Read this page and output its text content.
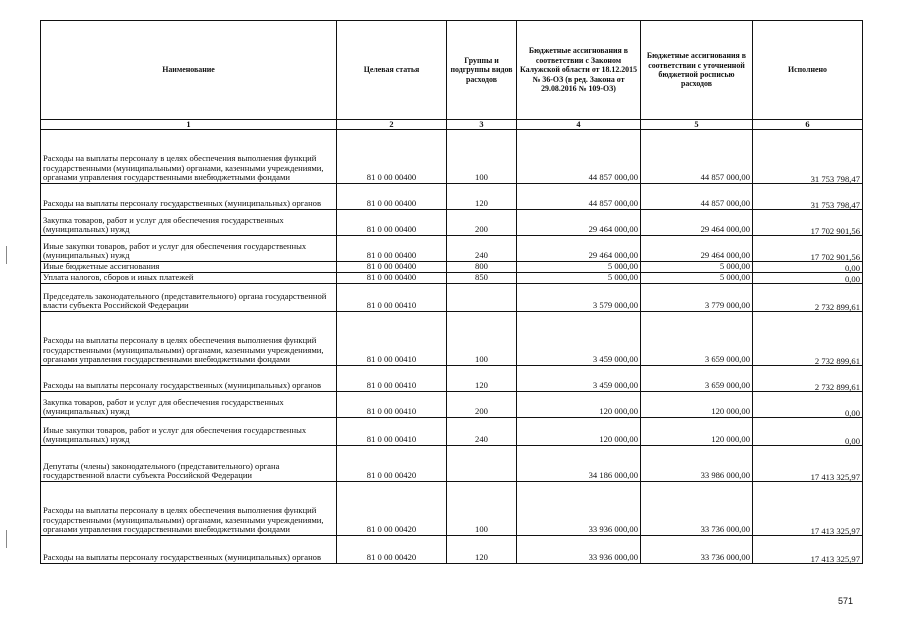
Наименование	Целевая статья	Группы и подгруппы видов расходов	Бюджетные ассигнования в соответствии с Законом Калужской области от 18.12.2015 № 36-ОЗ (в ред. Закона от 29.08.2016 № 109-ОЗ)	Бюджетные ассигнования в соответствии с уточненной бюджетной росписью расходов	Исполнено
1	2	3	4	5	6
Расходы на выплаты персоналу в целях обеспечения выполнения функций государственными (муниципальными) органами, казенными учреждениями, органами управления государственными внебюджетными фондами	81 0 00 00400	100	44 857 000,00	44 857 000,00	31 753 798,47
Расходы на выплаты персоналу государственных (муниципальных) органов	81 0 00 00400	120	44 857 000,00	44 857 000,00	31 753 798,47
Закупка товаров, работ и услуг для обеспечения государственных (муниципальных) нужд	81 0 00 00400	200	29 464 000,00	29 464 000,00	17 702 901,56
Иные закупки товаров, работ и услуг для обеспечения государственных (муниципальных) нужд	81 0 00 00400	240	29 464 000,00	29 464 000,00	17 702 901,56
Иные бюджетные ассигнования	81 0 00 00400	800	5 000,00	5 000,00	0,00
Уплата налогов, сборов и иных платежей	81 0 00 00400	850	5 000,00	5 000,00	0,00
Председатель законодательного (представительного) органа государственной власти субъекта Российской Федерации	81 0 00 00410		3 579 000,00	3 779 000,00	2 732 899,61
Расходы на выплаты персоналу в целях обеспечения выполнения функций государственными (муниципальными) органами, казенными учреждениями, органами управления государственными внебюджетными фондами	81 0 00 00410	100	3 459 000,00	3 659 000,00	2 732 899,61
Расходы на выплаты персоналу государственных (муниципальных) органов	81 0 00 00410	120	3 459 000,00	3 659 000,00	2 732 899,61
Закупка товаров, работ и услуг для обеспечения государственных (муниципальных) нужд	81 0 00 00410	200	120 000,00	120 000,00	0,00
Иные закупки товаров, работ и услуг для обеспечения государственных (муниципальных) нужд	81 0 00 00410	240	120 000,00	120 000,00	0,00
Депутаты (члены) законодательного (представительного) органа государственной власти субъекта Российской Федерации	81 0 00 00420		34 186 000,00	33 986 000,00	17 413 325,97
Расходы на выплаты персоналу в целях обеспечения выполнения функций государственными (муниципальными) органами, казенными учреждениями, органами управления государственными внебюджетными фондами	81 0 00 00420	100	33 936 000,00	33 736 000,00	17 413 325,97
Расходы на выплаты персоналу государственных (муниципальных) органов	81 0 00 00420	120	33 936 000,00	33 736 000,00	17 413 325,97
571
